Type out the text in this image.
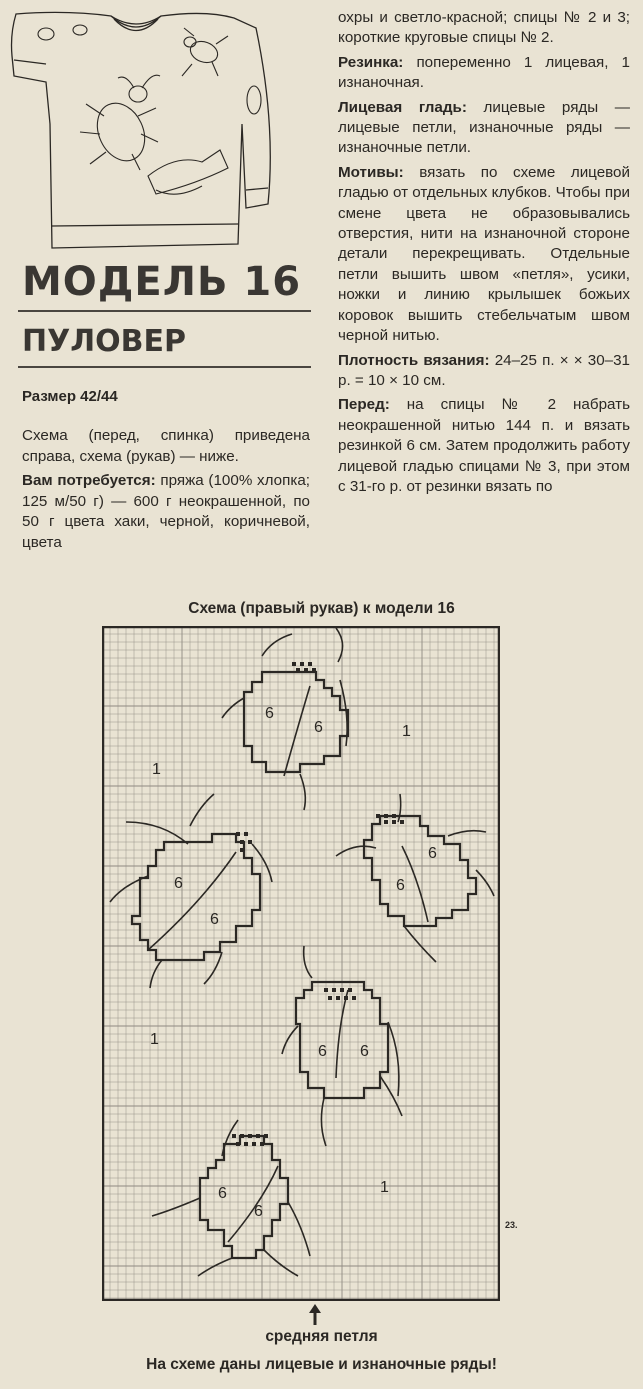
МОДЕЛЬ 16
ПУЛОВЕР
Размер 42/44

Схема (перед, спинка) приведена справа, схема (рукав) — ниже.

Вам потребуется: пряжа (100% хлопка; 125 м/50 г) — 600 г неокрашенной, по 50 г цвета хаки, черной, коричневой, цвета

охры и светло-красной; спицы № 2 и 3; короткие круговые спицы № 2.

Резинка: попеременно 1 лицевая, 1 изнаночная.

Лицевая гладь: лицевые ряды — лицевые петли, изнаночные ряды — изнаночные петли.

Мотивы: вязать по схеме лицевой гладью от отдельных клубков. Чтобы при смене цвета не образовывались отверстия, нити на изнаночной стороне детали перекрещивать. Отдельные петли вышить швом «петля», усики, ножки и линию крылышек божьих коровок вышить стебельчатым швом черной нитью.

Плотность вязания: 24–25 п. × × 30–31 р. = 10 × 10 см.

Перед: на спицы № 2 набрать неокрашенной нитью 144 п. и вязать резинкой 6 см. Затем продолжить работу лицевой гладью спицами № 3, при этом с 31-го р. от резинки вязать по

Схема (правый рукав) к модели 16
1
1
1
1
6
6
6
6
6
6
6 6
6
6
23.
средняя петля
На схеме даны лицевые и изнаночные ряды!
